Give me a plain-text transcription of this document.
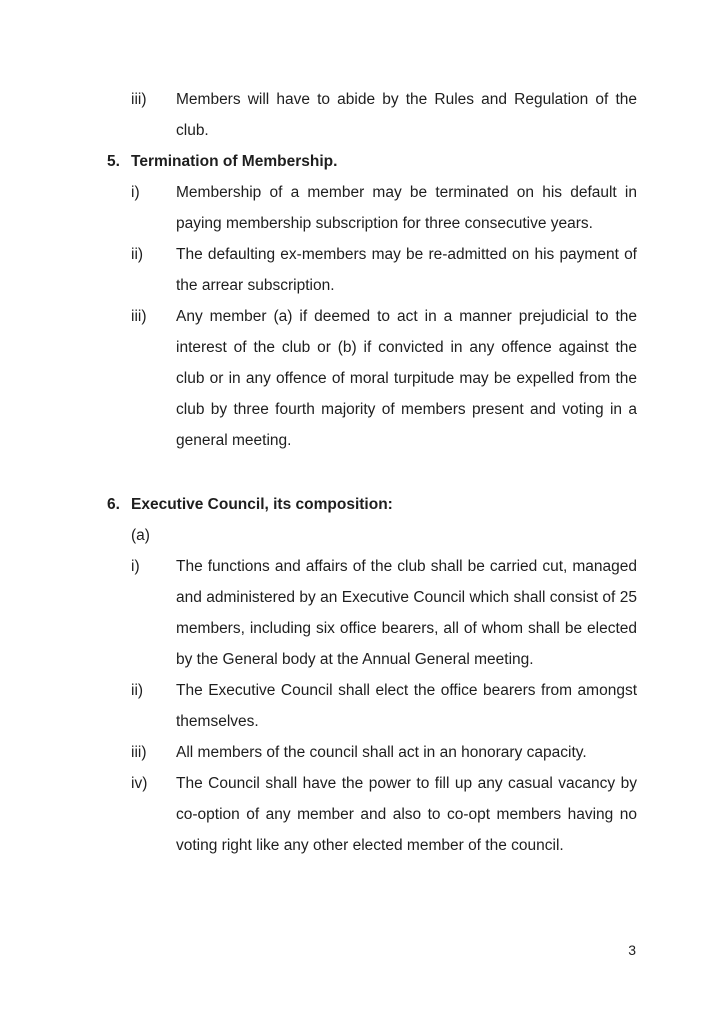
iii)	Members will have to abide by the Rules and Regulation of the club.
5. Termination of Membership.
i)	Membership of a member may be terminated on his default in paying membership subscription for three consecutive years.
ii)	The defaulting ex-members may be re-admitted on his payment of the arrear subscription.
iii)	Any member (a) if deemed to act in a manner prejudicial to the interest of the club or (b) if convicted in any offence against the club or in any offence of moral turpitude may be expelled from the club by three fourth majority of members present and voting in a general meeting.
6. Executive Council, its composition:
(a)
i)	The functions and affairs of the club shall be carried cut, managed and administered by an Executive Council which shall consist of 25 members, including six office bearers, all of whom shall be elected by the General body at the Annual General meeting.
ii)	The Executive Council shall elect the office bearers from amongst themselves.
iii)	All members of the council shall act in an honorary capacity.
iv)	The Council shall have the power to fill up any casual vacancy by co-option of any member and also to co-opt members having no voting right like any other elected member of the council.
3
